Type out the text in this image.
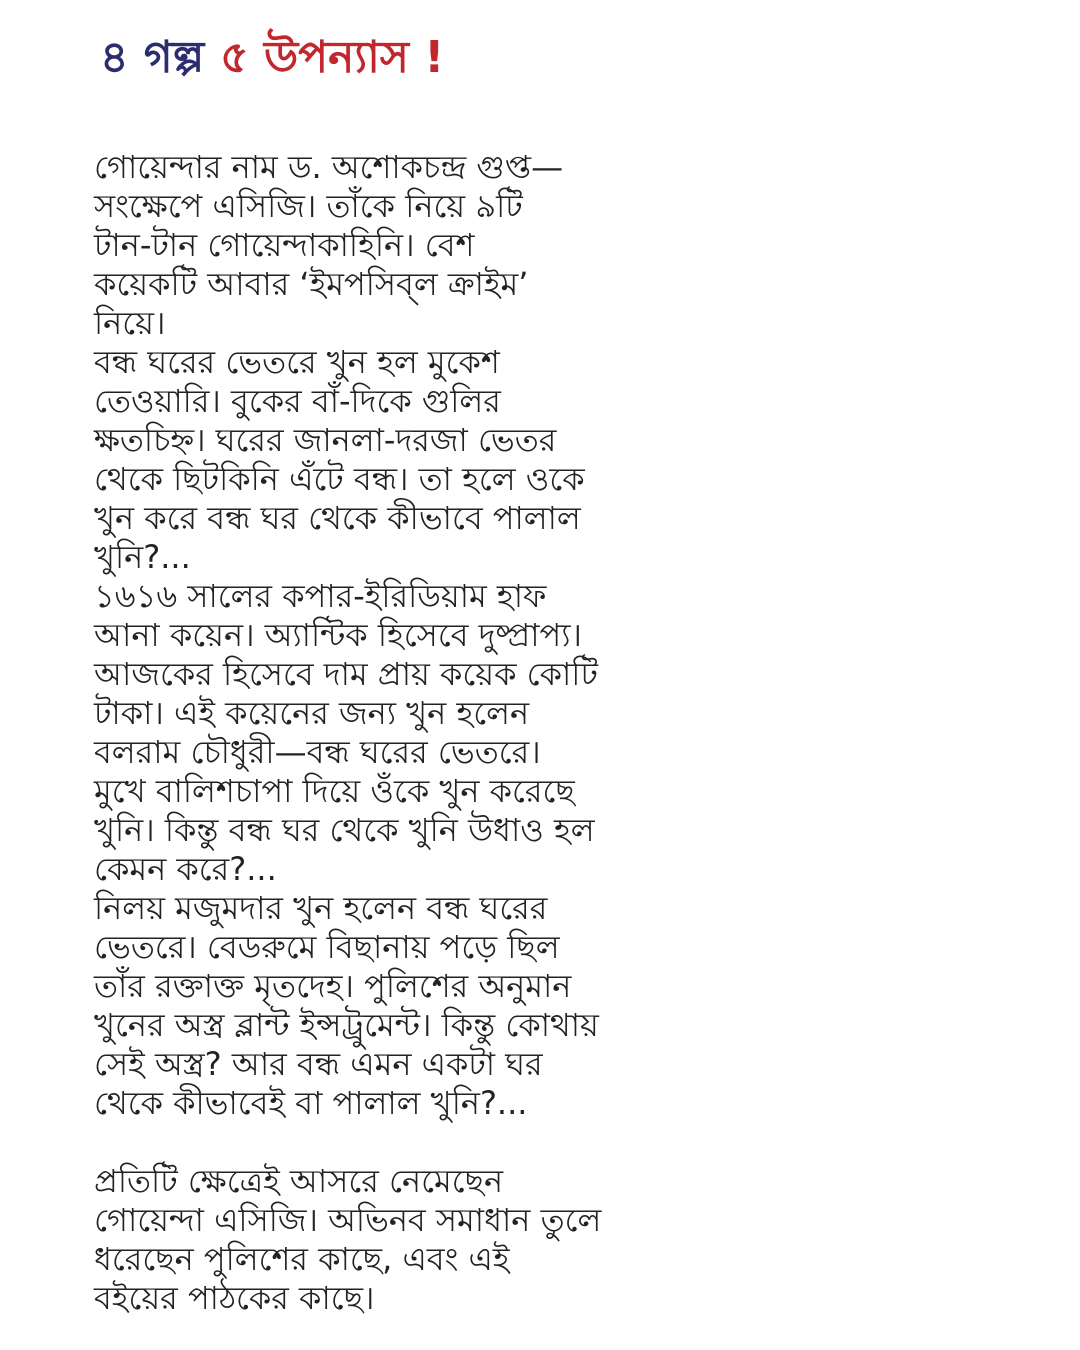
৪ গল্প ৫ উপন্যাস !
গোয়েন্দার নাম ড. অশোকচন্দ্র গুপ্ত—
সংক্ষেপে এসিজি। তাঁকে নিয়ে ৯টি
টান-টান গোয়েন্দাকাহিনি। বেশ
কয়েকটি আবার ‘ইমপসিব্‌ল ক্রাইম’
নিয়ে।
বন্ধ ঘরের ভেতরে খুন হল মুকেশ
তেওয়ারি। বুকের বাঁ-দিকে গুলির
ক্ষতচিহ্ন। ঘরের জানলা-দরজা ভেতর
থেকে ছিটকিনি এঁটে বন্ধ। তা হলে ওকে
খুন করে বন্ধ ঘর থেকে কীভাবে পালাল
খুনি?...
১৬১৬ সালের কপার-ইরিডিয়াম হাফ
আনা কয়েন। অ্যান্টিক হিসেবে দুষ্প্রাপ্য।
আজকের হিসেবে দাম প্রায় কয়েক কোটি
টাকা। এই কয়েনের জন্য খুন হলেন
বলরাম চৌধুরী—বন্ধ ঘরের ভেতরে।
মুখে বালিশচাপা দিয়ে ওঁকে খুন করেছে
খুনি। কিন্তু বন্ধ ঘর থেকে খুনি উধাও হল
কেমন করে?...
নিলয় মজুমদার খুন হলেন বন্ধ ঘরের
ভেতরে। বেডরুমে বিছানায় পড়ে ছিল
তাঁর রক্তাক্ত মৃতদেহ। পুলিশের অনুমান
খুনের অস্ত্র ব্লান্ট ইন্সট্রুমেন্ট। কিন্তু কোথায়
সেই অস্ত্র? আর বন্ধ এমন একটা ঘর
থেকে কীভাবেই বা পালাল খুনি?...
প্রতিটি ক্ষেত্রেই আসরে নেমেছেন
গোয়েন্দা এসিজি। অভিনব সমাধান তুলে
ধরেছেন পুলিশের কাছে, এবং এই
বইয়ের পাঠকের কাছে।
